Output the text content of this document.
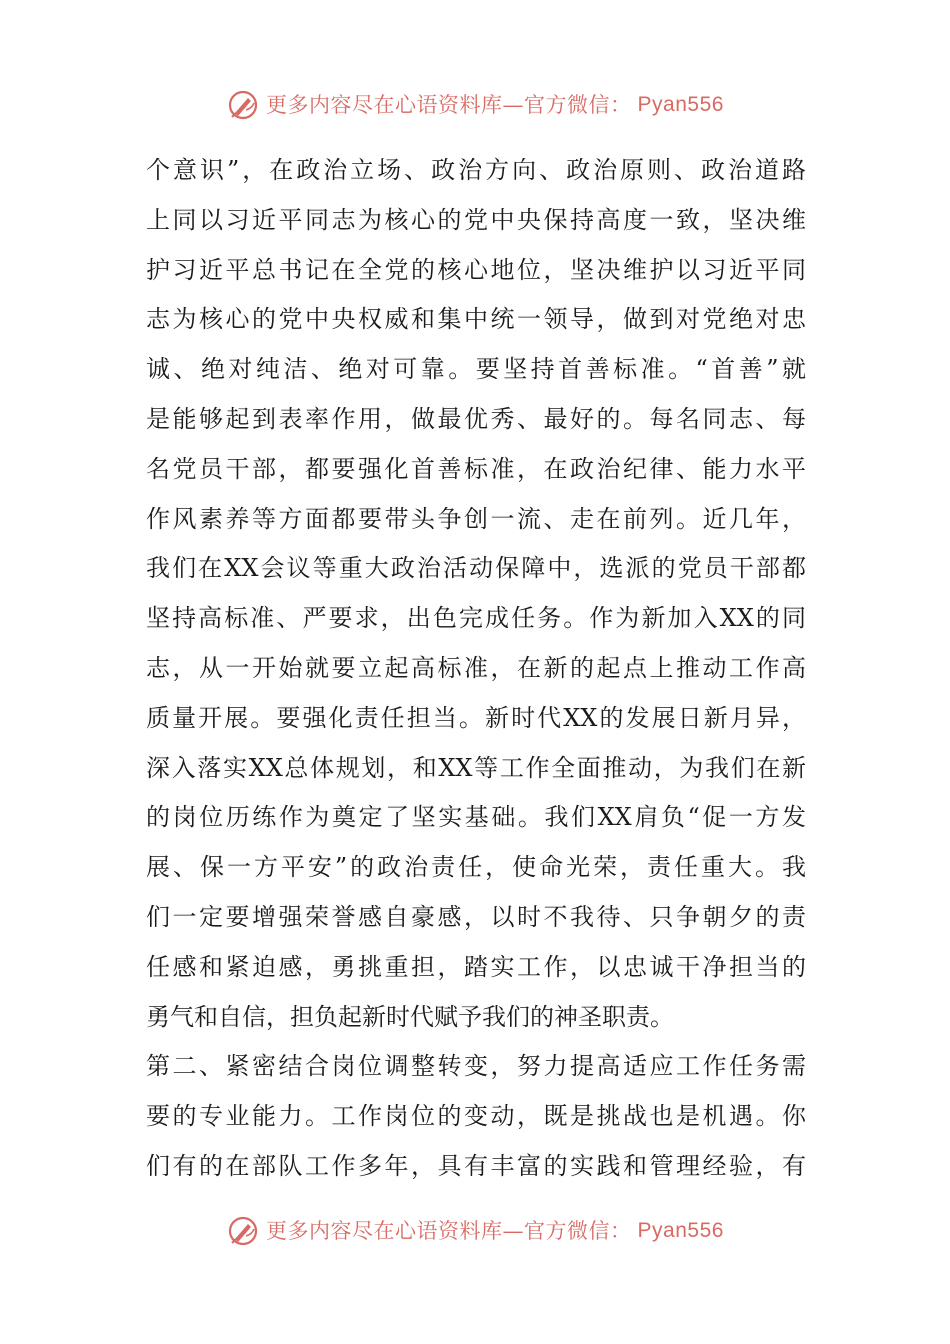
更多内容尽在心语资料库—官方微信： Pyan556
个意识”，在政治立场、政治方向、政治原则、政治道路
上同以习近平同志为核心的党中央保持高度一致，坚决维
护习近平总书记在全党的核心地位，坚决维护以习近平同
志为核心的党中央权威和集中统一领导，做到对党绝对忠
诚、绝对纯洁、绝对可靠。要坚持首善标准。“首善”就
是能够起到表率作用，做最优秀、最好的。每名同志、每
名党员干部，都要强化首善标准，在政治纪律、能力水平
作风素养等方面都要带头争创一流、走在前列。近几年，
我们在XX会议等重大政治活动保障中，选派的党员干部都
坚持高标准、严要求，出色完成任务。作为新加入XX的同
志，从一开始就要立起高标准，在新的起点上推动工作高
质量开展。要强化责任担当。新时代XX的发展日新月异，
深入落实XX总体规划，和XX等工作全面推动，为我们在新
的岗位历练作为奠定了坚实基础。我们XX肩负“促一方发
展、保一方平安”的政治责任，使命光荣，责任重大。我
们一定要增强荣誉感自豪感，以时不我待、只争朝夕的责
任感和紧迫感，勇挑重担，踏实工作，以忠诚干净担当的
勇气和自信，担负起新时代赋予我们的神圣职责。
第二、紧密结合岗位调整转变，努力提高适应工作任务需
要的专业能力。工作岗位的变动，既是挑战也是机遇。你
们有的在部队工作多年，具有丰富的实践和管理经验，有
更多内容尽在心语资料库—官方微信： Pyan556
